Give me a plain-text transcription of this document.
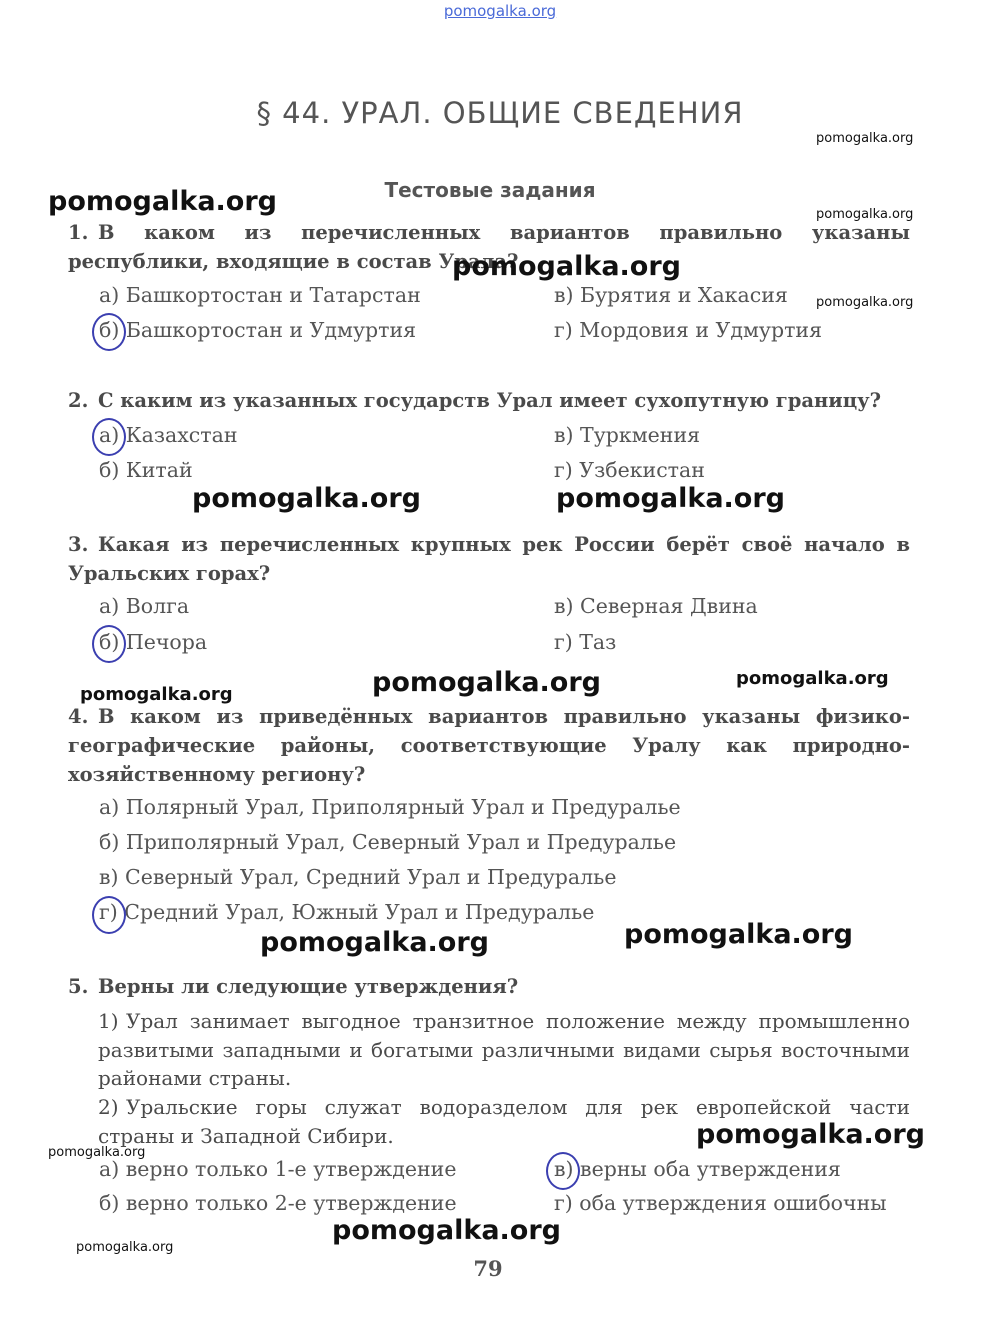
pomogalka.org
§ 44. УРАЛ. ОБЩИЕ СВЕДЕНИЯ
Тестовые задания
1. В каком из перечисленных вариантов правильно указаны республики, входящие в состав Урала?
а) Башкортостан и Татарстан
б) Башкортостан и Удмуртия
в) Бурятия и Хакасия
г) Мордовия и Удмуртия
2. С каким из указанных государств Урал имеет сухопутную границу?
а) Казахстан
б) Китай
в) Туркмения
г) Узбекистан
3. Какая из перечисленных крупных рек России берёт своё начало в Уральских горах?
а) Волга
б) Печора
в) Северная Двина
г) Таз
4. В каком из приведённых вариантов правильно указаны физико-географические районы, соответствующие Уралу как природно-хозяйственному региону?
а) Полярный Урал, Приполярный Урал и Предуралье
б) Приполярный Урал, Северный Урал и Предуралье
в) Северный Урал, Средний Урал и Предуралье
г) Средний Урал, Южный Урал и Предуралье
5. Верны ли следующие утверждения?
1) Урал занимает выгодное транзитное положение между промышленно развитыми западными и богатыми различными видами сырья восточными районами страны.
2) Уральские горы служат водоразделом для рек европейской части страны и Западной Сибири.
а) верно только 1-е утверждение
б) верно только 2-е утверждение
в) верны оба утверждения
г) оба утверждения ошибочны
pomogalka.org
pomogalka.org	pomogalka.org
pomogalka.org
pomogalka.org
pomogalka.org	pomogalka.org
pomogalka.org	pomogalka.org	pomogalka.org
pomogalka.org	pomogalka.org
pomogalka.org
pomogalka.org
pomogalka.org
pomogalka.org
79
